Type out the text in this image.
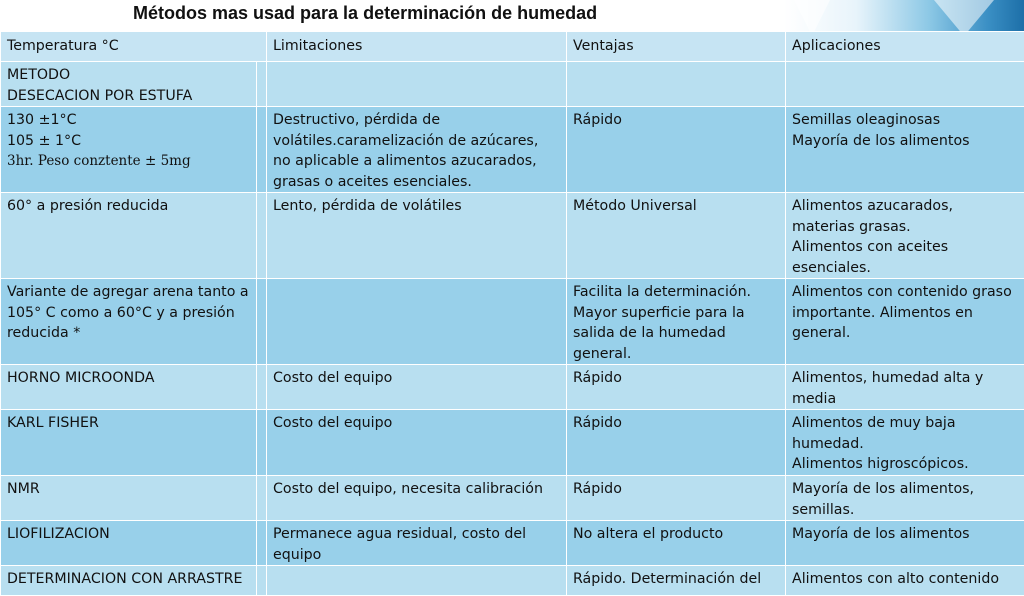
Métodos mas usad para la determinación de humedad
Temperatura °C		Limitaciones	Ventajas	Aplicaciones

METODO
DESECACION POR ESTUFA				

130 ±1°C
105 ± 1°C
3hr. Peso conztente ± 5mg		Destructivo, pérdida de volátiles.caramelización de azúcares, no aplicable a alimentos azucarados, grasas o aceites esenciales.	Rápido	Semillas oleaginosas
Mayoría de los alimentos

60° a presión reducida		Lento, pérdida de volátiles	Método Universal	Alimentos azucarados, materias grasas.
Alimentos con aceites esenciales.

Variante de agregar arena tanto a 105° C como a 60°C y a presión reducida *			Facilita la determinación. Mayor superficie para la salida de la humedad general.	Alimentos con contenido graso importante. Alimentos en general.

HORNO MICROONDA		Costo del equipo	Rápido	Alimentos, humedad alta y media

KARL FISHER		Costo del equipo	Rápido	Alimentos de muy baja humedad.
Alimentos higroscópicos.

NMR		Costo del equipo, necesita calibración	Rápido	Mayoría de los alimentos, semillas.

LIOFILIZACION		Permanece agua residual, costo del equipo	No altera el producto	Mayoría de los alimentos

DETERMINACION CON ARRASTRE			Rápido. Determinación del	Alimentos con alto contenido
